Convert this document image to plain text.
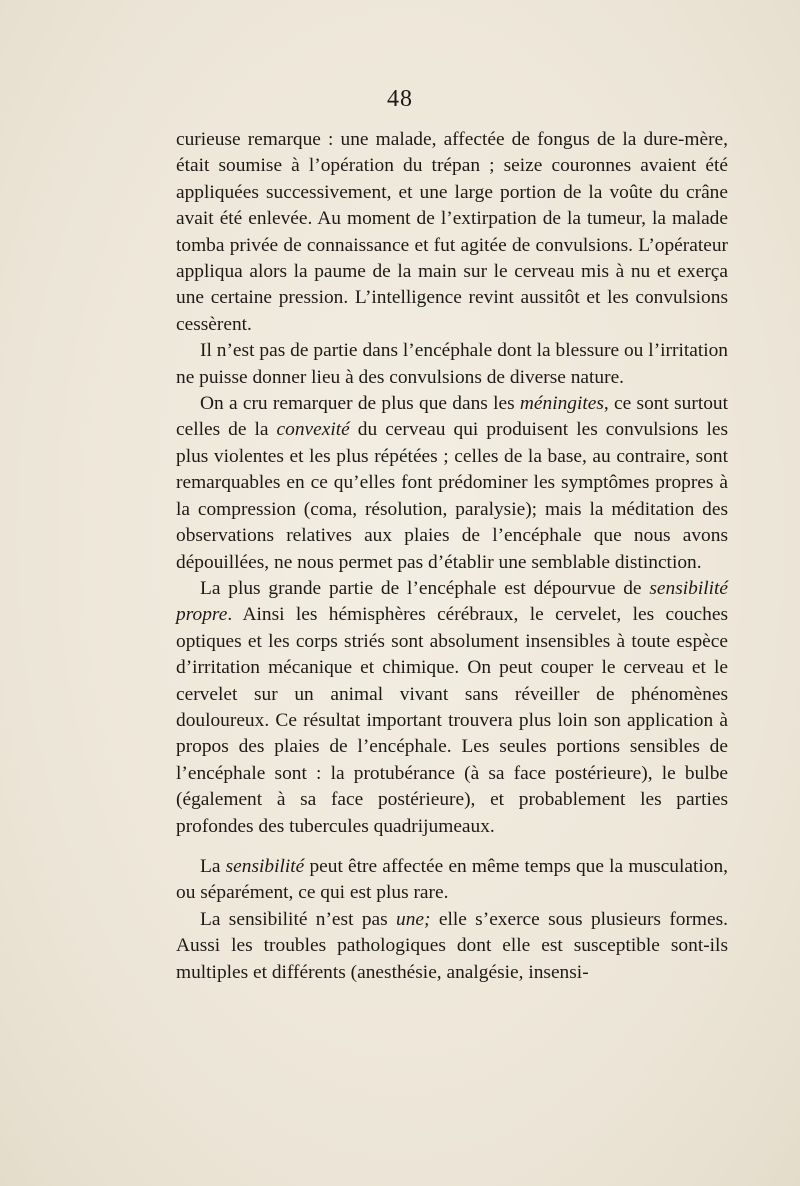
48

curieuse remarque : une malade, affectée de fongus de la dure-mère, était soumise à l’opération du trépan ; seize couronnes avaient été appliquées successivement, et une large portion de la voûte du crâne avait été enlevée. Au moment de l’extirpation de la tumeur, la malade tomba privée de connaissance et fut agitée de convulsions. L’opérateur appliqua alors la paume de la main sur le cerveau mis à nu et exerça une certaine pression. L’intelligence revint aussitôt et les convulsions cessèrent.

Il n’est pas de partie dans l’encéphale dont la blessure ou l’irritation ne puisse donner lieu à des convulsions de diverse nature.

On a cru remarquer de plus que dans les méningites, ce sont surtout celles de la convexité du cerveau qui produisent les convulsions les plus violentes et les plus répétées ; celles de la base, au contraire, sont remarquables en ce qu’elles font prédominer les symptômes propres à la compression (coma, résolution, paralysie); mais la méditation des observations relatives aux plaies de l’encéphale que nous avons dépouillées, ne nous permet pas d’établir une semblable distinction.

La plus grande partie de l’encéphale est dépourvue de sensibilité propre. Ainsi les hémisphères cérébraux, le cervelet, les couches optiques et les corps striés sont absolument insensibles à toute espèce d’irritation mécanique et chimique. On peut couper le cerveau et le cervelet sur un animal vivant sans réveiller de phénomènes douloureux. Ce résultat important trouvera plus loin son application à propos des plaies de l’encéphale. Les seules portions sensibles de l’encéphale sont : la protubérance (à sa face postérieure), le bulbe (également à sa face postérieure), et probablement les parties profondes des tubercules quadrijumeaux.

La sensibilité peut être affectée en même temps que la musculation, ou séparément, ce qui est plus rare.

La sensibilité n’est pas une; elle s’exerce sous plusieurs formes. Aussi les troubles pathologiques dont elle est susceptible sont-ils multiples et différents (anesthésie, analgésie, insensi-
